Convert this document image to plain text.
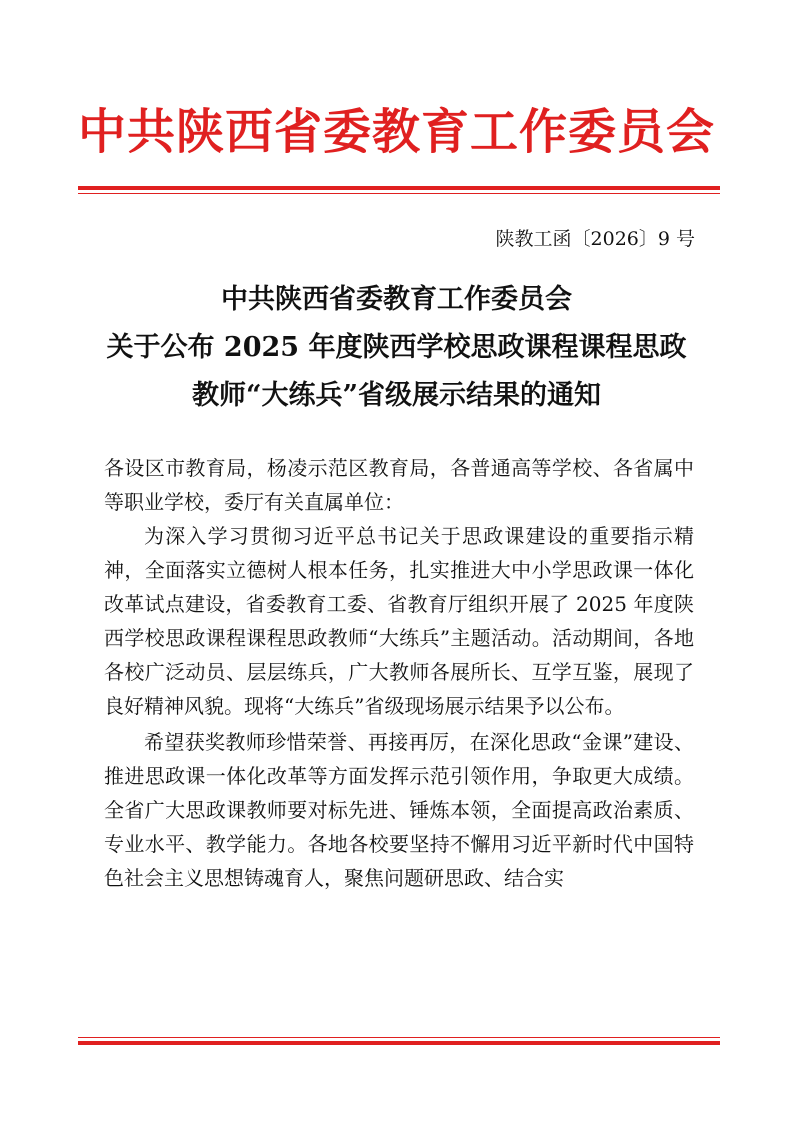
中共陕西省委教育工作委员会
陕教工函〔2026〕9 号
中共陕西省委教育工作委员会
关于公布 2025 年度陕西学校思政课程课程思政
教师“大练兵”省级展示结果的通知

各设区市教育局，杨凌示范区教育局，各普通高等学校、各省属中等职业学校，委厅有关直属单位：

为深入学习贯彻习近平总书记关于思政课建设的重要指示精神，全面落实立德树人根本任务，扎实推进大中小学思政课一体化改革试点建设，省委教育工委、省教育厅组织开展了 2025 年度陕西学校思政课程课程思政教师“大练兵”主题活动。活动期间，各地各校广泛动员、层层练兵，广大教师各展所长、互学互鉴，展现了良好精神风貌。现将“大练兵”省级现场展示结果予以公布。

希望获奖教师珍惜荣誉、再接再厉，在深化思政“金课”建设、推进思政课一体化改革等方面发挥示范引领作用，争取更大成绩。全省广大思政课教师要对标先进、锤炼本领，全面提高政治素质、专业水平、教学能力。各地各校要坚持不懈用习近平新时代中国特色社会主义思想铸魂育人，聚焦问题研思政、结合实
